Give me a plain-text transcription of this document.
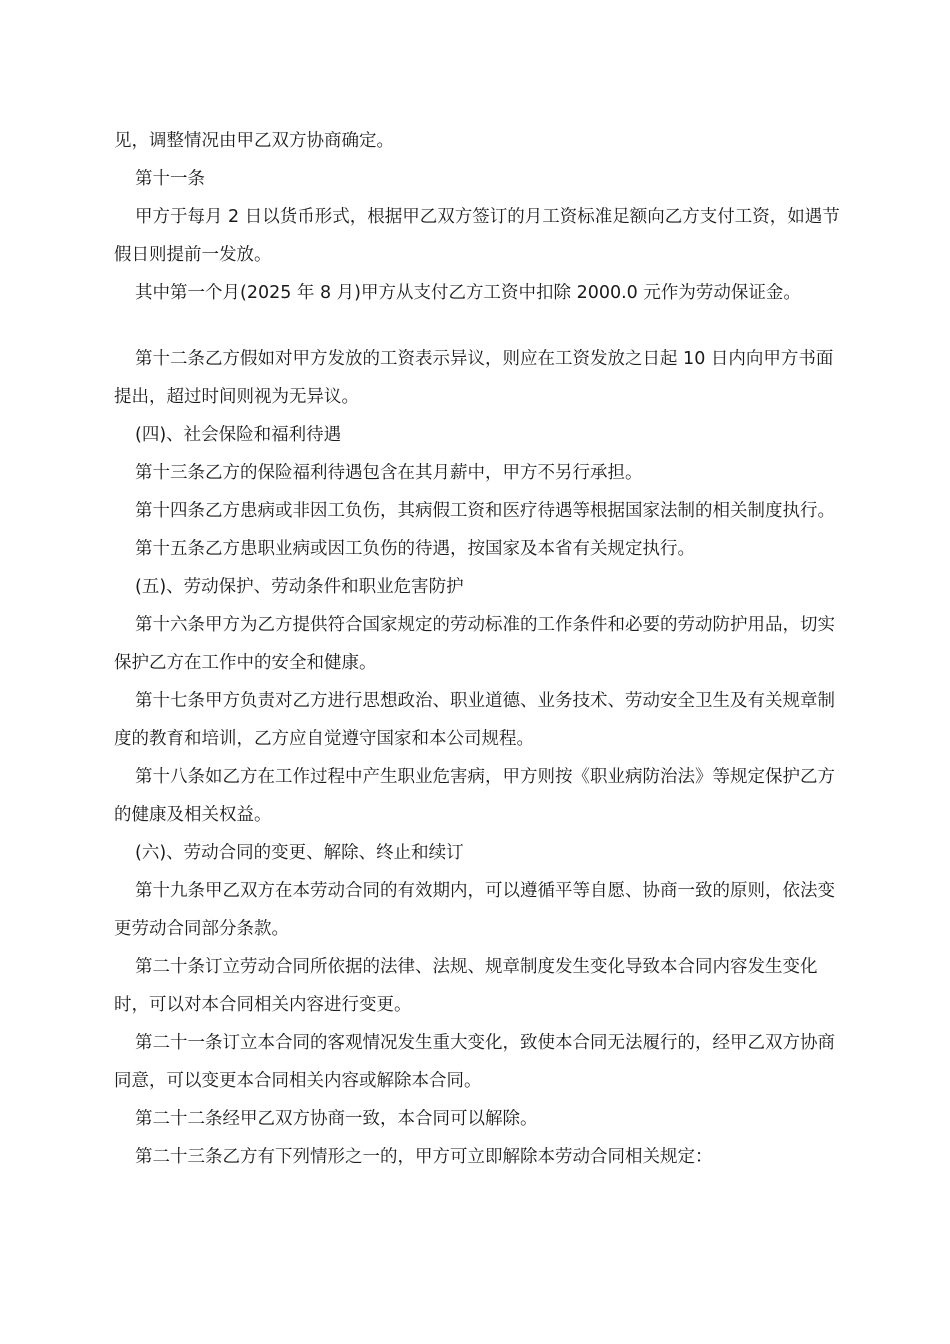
见，调整情况由甲乙双方协商确定。

第十一条

甲方于每月 2 日以货币形式，根据甲乙双方签订的月工资标准足额向乙方支付工资，如遇节假日则提前一发放。

其中第一个月(2025 年 8 月)甲方从支付乙方工资中扣除 2000.0 元作为劳动保证金。

第十二条乙方假如对甲方发放的工资表示异议，则应在工资发放之日起 10 日内向甲方书面提出，超过时间则视为无异议。

(四)、社会保险和福利待遇

第十三条乙方的保险福利待遇包含在其月薪中，甲方不另行承担。

第十四条乙方患病或非因工负伤，其病假工资和医疗待遇等根据国家法制的相关制度执行。

第十五条乙方患职业病或因工负伤的待遇，按国家及本省有关规定执行。

(五)、劳动保护、劳动条件和职业危害防护

第十六条甲方为乙方提供符合国家规定的劳动标准的工作条件和必要的劳动防护用品，切实保护乙方在工作中的安全和健康。

第十七条甲方负责对乙方进行思想政治、职业道德、业务技术、劳动安全卫生及有关规章制度的教育和培训，乙方应自觉遵守国家和本公司规程。

第十八条如乙方在工作过程中产生职业危害病，甲方则按《职业病防治法》等规定保护乙方的健康及相关权益。

(六)、劳动合同的变更、解除、终止和续订

第十九条甲乙双方在本劳动合同的有效期内，可以遵循平等自愿、协商一致的原则，依法变更劳动合同部分条款。

第二十条订立劳动合同所依据的法律、法规、规章制度发生变化导致本合同内容发生变化时，可以对本合同相关内容进行变更。

第二十一条订立本合同的客观情况发生重大变化，致使本合同无法履行的，经甲乙双方协商同意，可以变更本合同相关内容或解除本合同。

第二十二条经甲乙双方协商一致，本合同可以解除。

第二十三条乙方有下列情形之一的，甲方可立即解除本劳动合同相关规定：
